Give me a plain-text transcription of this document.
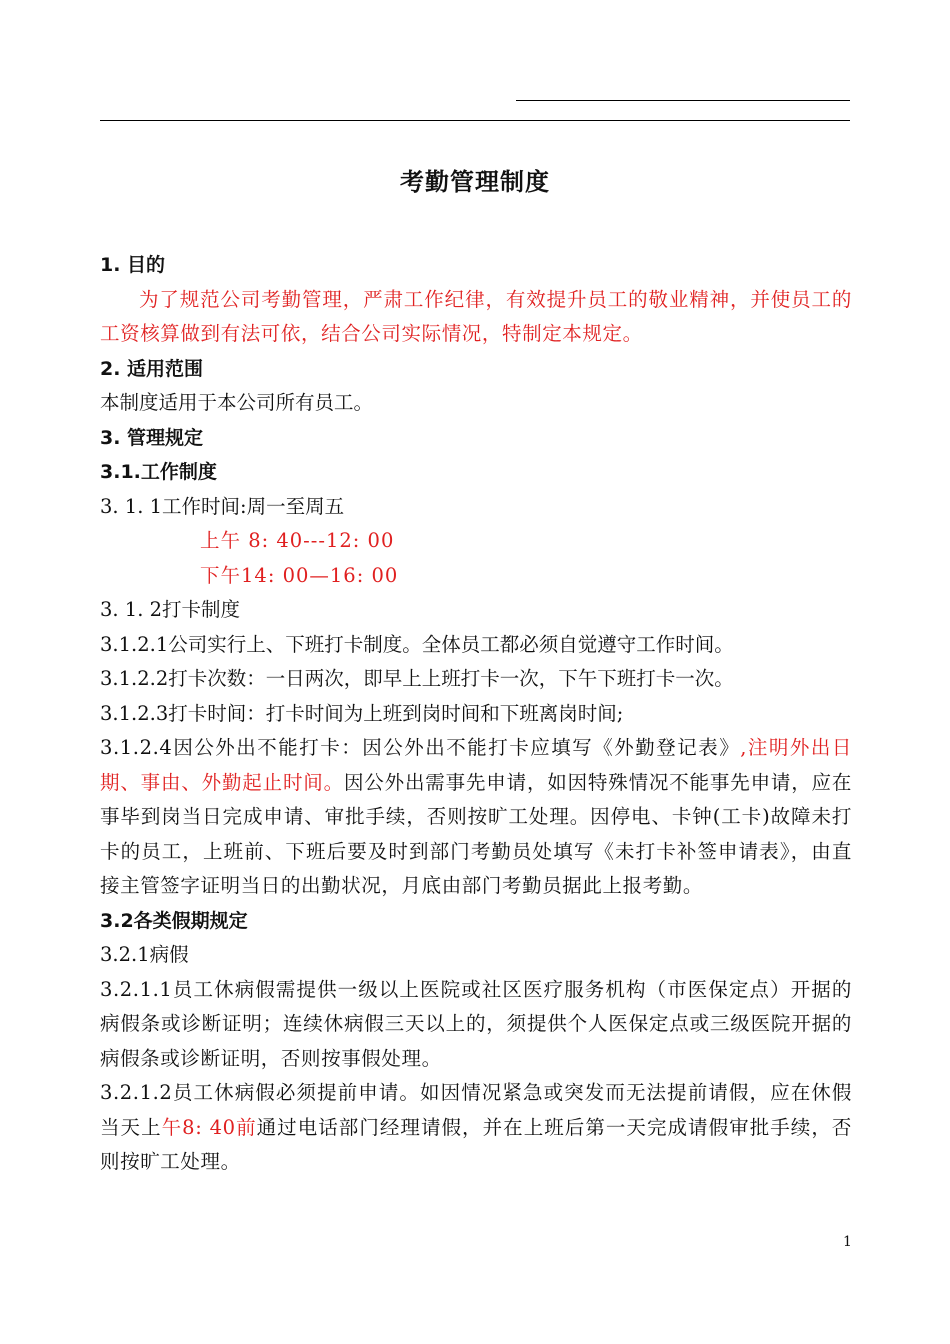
考勤管理制度

1. 目的

为了规范公司考勤管理，严肃工作纪律，有效提升员工的敬业精神，并使员工的工资核算做到有法可依，结合公司实际情况，特制定本规定。

2. 适用范围

本制度适用于本公司所有员工。

3. 管理规定

3.1.工作制度

3. 1. 1工作时间:周一至周五

上午 8: 40---12: 00

下午14: 00—16: 00

3. 1. 2打卡制度

3.1.2.1公司实行上、下班打卡制度。全体员工都必须自觉遵守工作时间。

3.1.2.2打卡次数：一日两次，即早上上班打卡一次，下午下班打卡一次。

3.1.2.3打卡时间：打卡时间为上班到岗时间和下班离岗时间;

3.1.2.4因公外出不能打卡：因公外出不能打卡应填写《外勤登记表》,注明外出日期、事由、外勤起止时间。因公外出需事先申请，如因特殊情况不能事先申请，应在事毕到岗当日完成申请、审批手续，否则按旷工处理。因停电、卡钟(工卡)故障未打卡的员工，上班前、下班后要及时到部门考勤员处填写《未打卡补签申请表》，由直接主管签字证明当日的出勤状况，月底由部门考勤员据此上报考勤。

3.2各类假期规定

3.2.1病假

3.2.1.1员工休病假需提供一级以上医院或社区医疗服务机构（市医保定点）开据的病假条或诊断证明；连续休病假三天以上的，须提供个人医保定点或三级医院开据的病假条或诊断证明，否则按事假处理。

3.2.1.2员工休病假必须提前申请。如因情况紧急或突发而无法提前请假，应在休假当天上午8: 40前通过电话部门经理请假，并在上班后第一天完成请假审批手续，否则按旷工处理。

1
